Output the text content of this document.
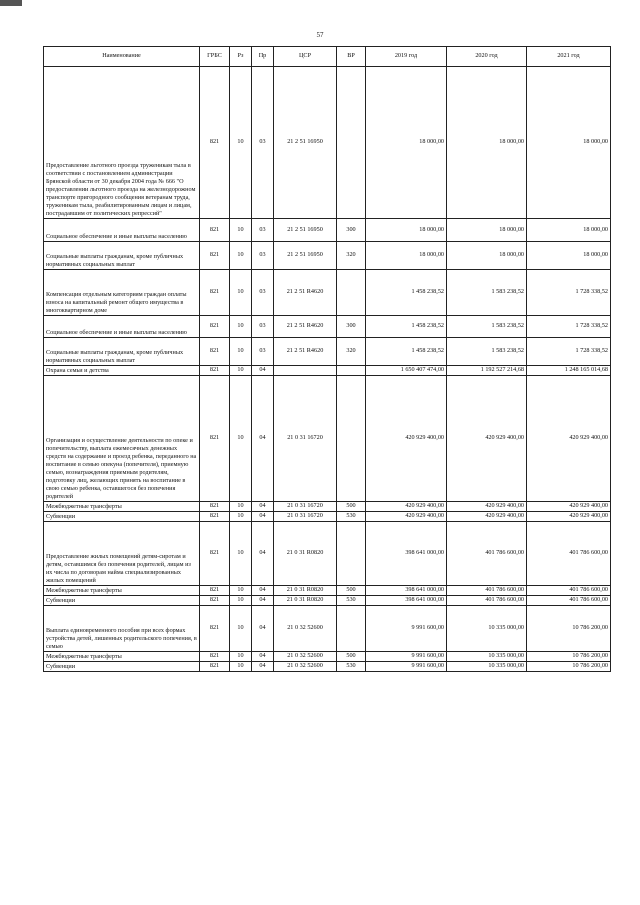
57
Наименование	ГРБС	Рз	Пр	ЦСР	ВР	2019 год	2020 год	2021 год
Предоставление льготного проезда труженикам тыла в соответствии с постановлением администрации Брянской области от 30 декабря 2004 года № 666 "О предоставлении льготного проезда на железнодорожном транспорте пригородного сообщения ветеранам труда, труженикам тыла, реабилитированным лицам и лицам, пострадавшим от политических репрессий"	821	10	03	21 2 51 16950		18 000,00	18 000,00	18 000,00
Социальное обеспечение и иные выплаты населению	821	10	03	21 2 51 16950	300	18 000,00	18 000,00	18 000,00
Социальные выплаты гражданам, кроме публичных нормативных социальных выплат	821	10	03	21 2 51 16950	320	18 000,00	18 000,00	18 000,00
Компенсация отдельным категориям граждан оплаты взноса на капитальный ремонт общего имущества в многоквартирном доме	821	10	03	21 2 51 R4620		1 458 238,52	1 583 238,52	1 728 338,52
Социальное обеспечение и иные выплаты населению	821	10	03	21 2 51 R4620	300	1 458 238,52	1 583 238,52	1 728 338,52
Социальные выплаты гражданам, кроме публичных нормативных социальных выплат	821	10	03	21 2 51 R4620	320	1 458 238,52	1 583 238,52	1 728 338,52
Охрана семьи и детства	821	10	04			1 650 407 474,00	1 192 527 214,68	1 248 165 014,68
Организация и осуществление деятельности по опеке и попечительству, выплата ежемесячных денежных средств на содержание и проезд ребенка, переданного на воспитание в семью опекуна (попечителя), приемную семью, вознаграждения приемным родителям, подготовку лиц, желающих принять на воспитание в свою семью ребенка, оставшегося без попечения родителей	821	10	04	21 0 31 16720		420 929 400,00	420 929 400,00	420 929 400,00
Межбюджетные трансферты	821	10	04	21 0 31 16720	500	420 929 400,00	420 929 400,00	420 929 400,00
Субвенции	821	10	04	21 0 31 16720	530	420 929 400,00	420 929 400,00	420 929 400,00
Предоставление жилых помещений детям-сиротам и детям, оставшимся без попечения родителей, лицам из их числа по договорам найма специализированных жилых помещений	821	10	04	21 0 31 R0820		398 641 000,00	401 786 600,00	401 786 600,00
Межбюджетные трансферты	821	10	04	21 0 31 R0820	500	398 641 000,00	401 786 600,00	401 786 600,00
Субвенции	821	10	04	21 0 31 R0820	530	398 641 000,00	401 786 600,00	401 786 600,00
Выплата единовременного пособия при всех формах устройства детей, лишенных родительского попечения, в семью	821	10	04	21 0 32 52600		9 991 600,00	10 335 000,00	10 786 200,00
Межбюджетные трансферты	821	10	04	21 0 32 52600	500	9 991 600,00	10 335 000,00	10 786 200,00
Субвенции	821	10	04	21 0 32 52600	530	9 991 600,00	10 335 000,00	10 786 200,00
